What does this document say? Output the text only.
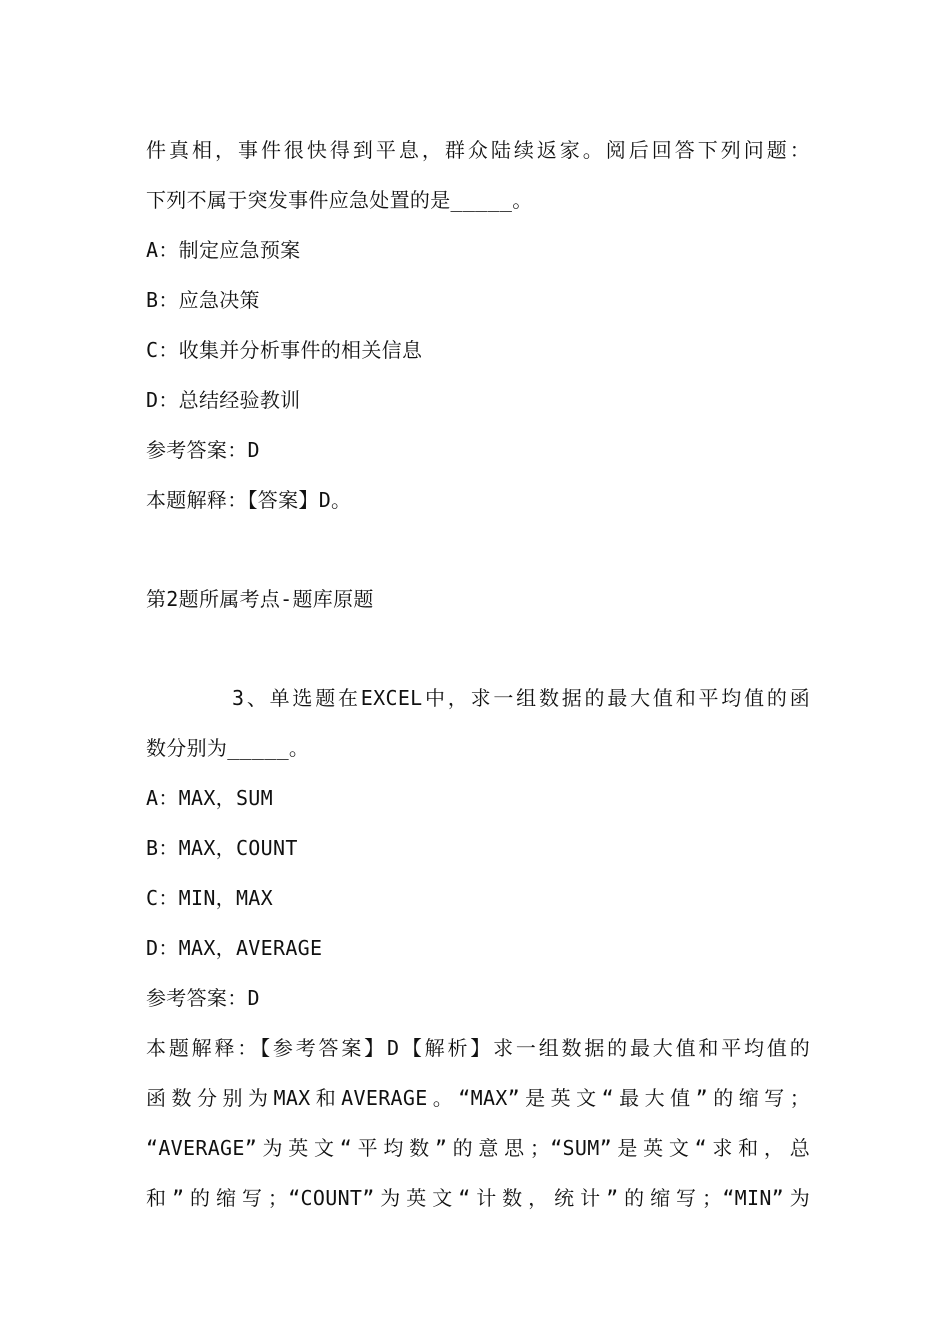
件真相，事件很快得到平息，群众陆续返家。阅后回答下列问题：
下列不属于突发事件应急处置的是_____。
A：制定应急预案
B：应急决策
C：收集并分析事件的相关信息
D：总结经验教训
参考答案：D
本题解释：【答案】D。
第2题所属考点-题库原题
3、单选题在EXCEL中，求一组数据的最大值和平均值的函
数分别为_____。
A：MAX，SUM
B：MAX，COUNT
C：MIN，MAX
D：MAX，AVERAGE
参考答案：D
本题解释：【参考答案】D【解析】求一组数据的最大值和平均值的
函数分别为MAX和AVERAGE。“MAX”是英文“最大值”的缩写；
“AVERAGE”为英文“平均数”的意思；“SUM”是英文“求和，总
和”的缩写；“COUNT”为英文“计数，统计”的缩写；“MIN”为
